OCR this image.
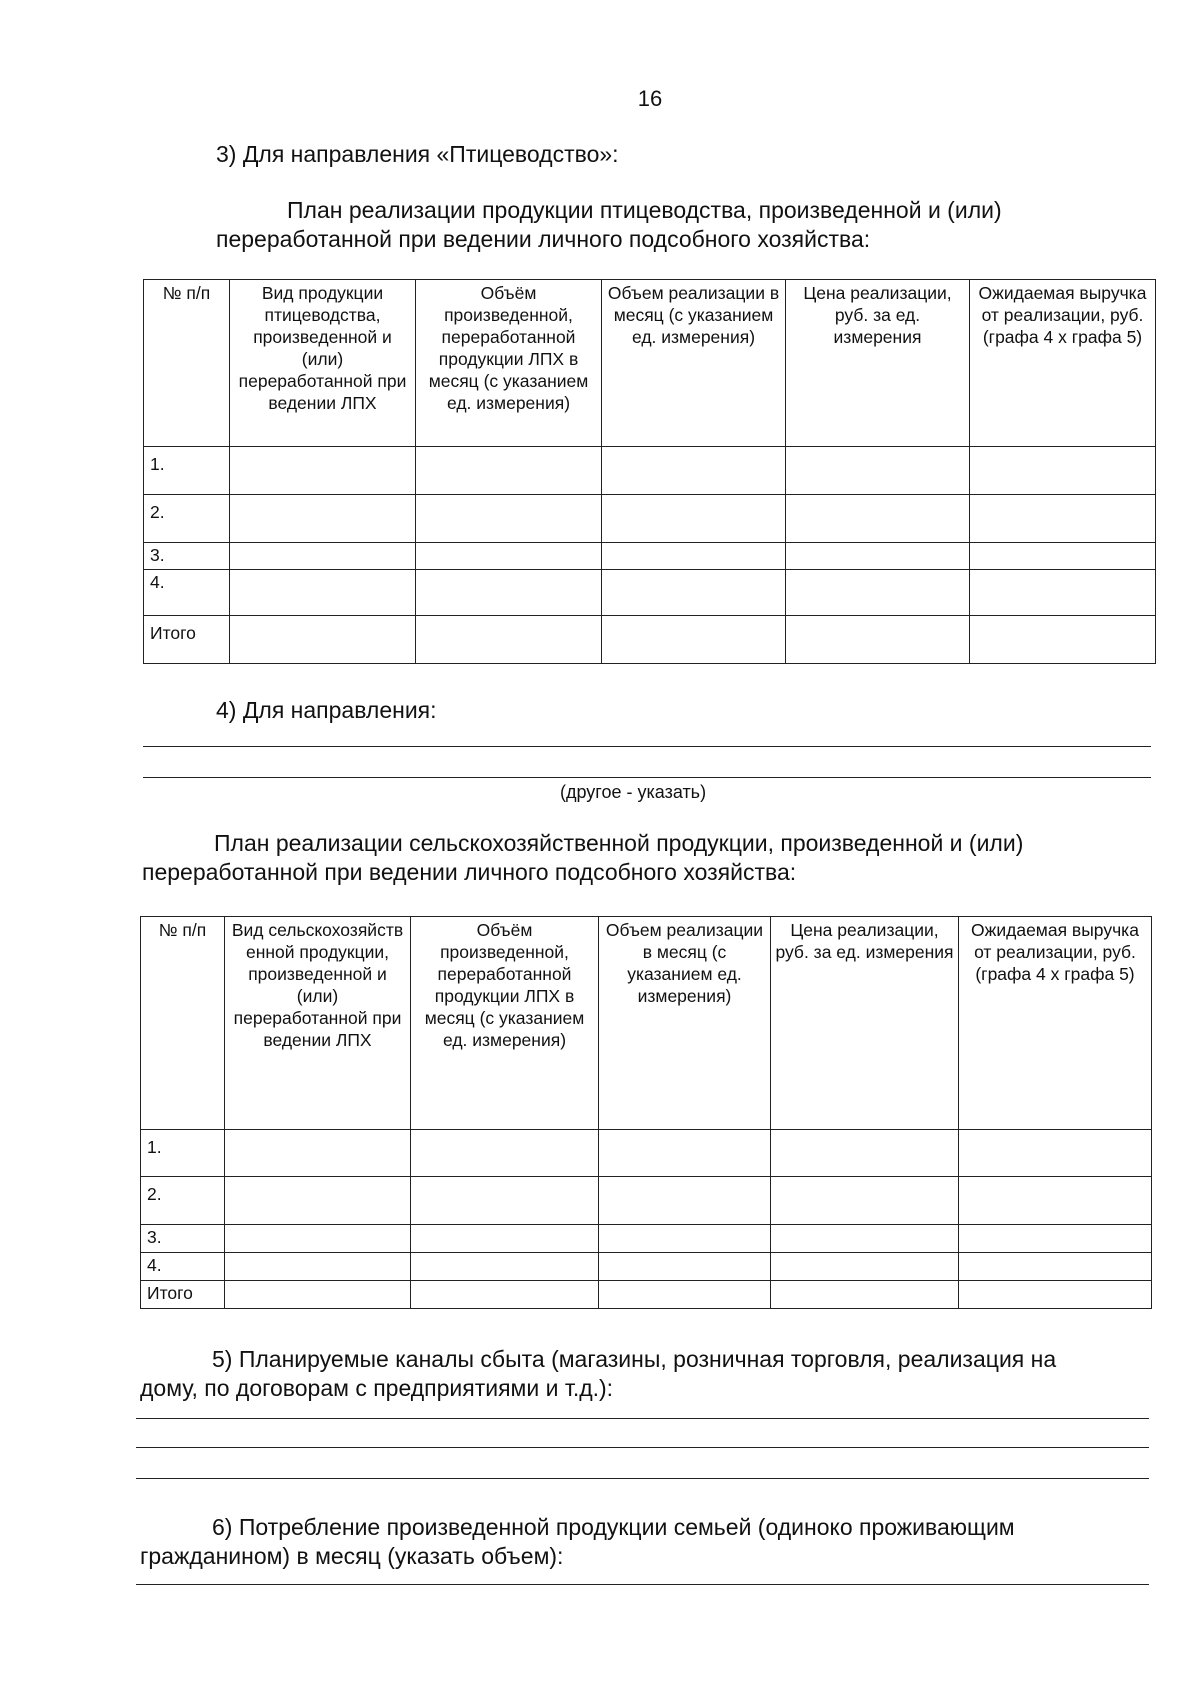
16
3) Для направления «Птицеводство»:
План реализации продукции птицеводства, произведенной и (или)
переработанной при ведении личного подсобного хозяйства:
№ п/п	Вид продукции птицеводства, произведенной и (или) переработанной при ведении ЛПХ	Объём произведенной, переработанной продукции ЛПХ в месяц (с указанием ед. измерения)	Объем реализации в месяц (с указанием ед. измерения)	Цена реализации, руб. за ед. измерения	Ожидаемая выручка от реализации, руб. (графа 4 х графа 5)
1.					
2.					
3.					
4.					
Итого					
4) Для направления:
(другое - указать)
План реализации сельскохозяйственной продукции, произведенной и (или)
переработанной при ведении личного подсобного хозяйства:
№ п/п	Вид сельскохозяйств енной продукции, произведенной и (или) переработанной при ведении ЛПХ	Объём произведенной, переработанной продукции ЛПХ в месяц (с указанием ед. измерения)	Объем реализации в месяц (с указанием ед. измерения)	Цена реализации, руб. за ед. измерения	Ожидаемая выручка от реализации, руб. (графа 4 х графа 5)
1.					
2.					
3.					
4.					
Итого					
5) Планируемые каналы сбыта (магазины, розничная торговля, реализация на
дому, по договорам с предприятиями и т.д.):
6) Потребление произведенной продукции семьей (одиноко проживающим
гражданином) в месяц (указать объем):
